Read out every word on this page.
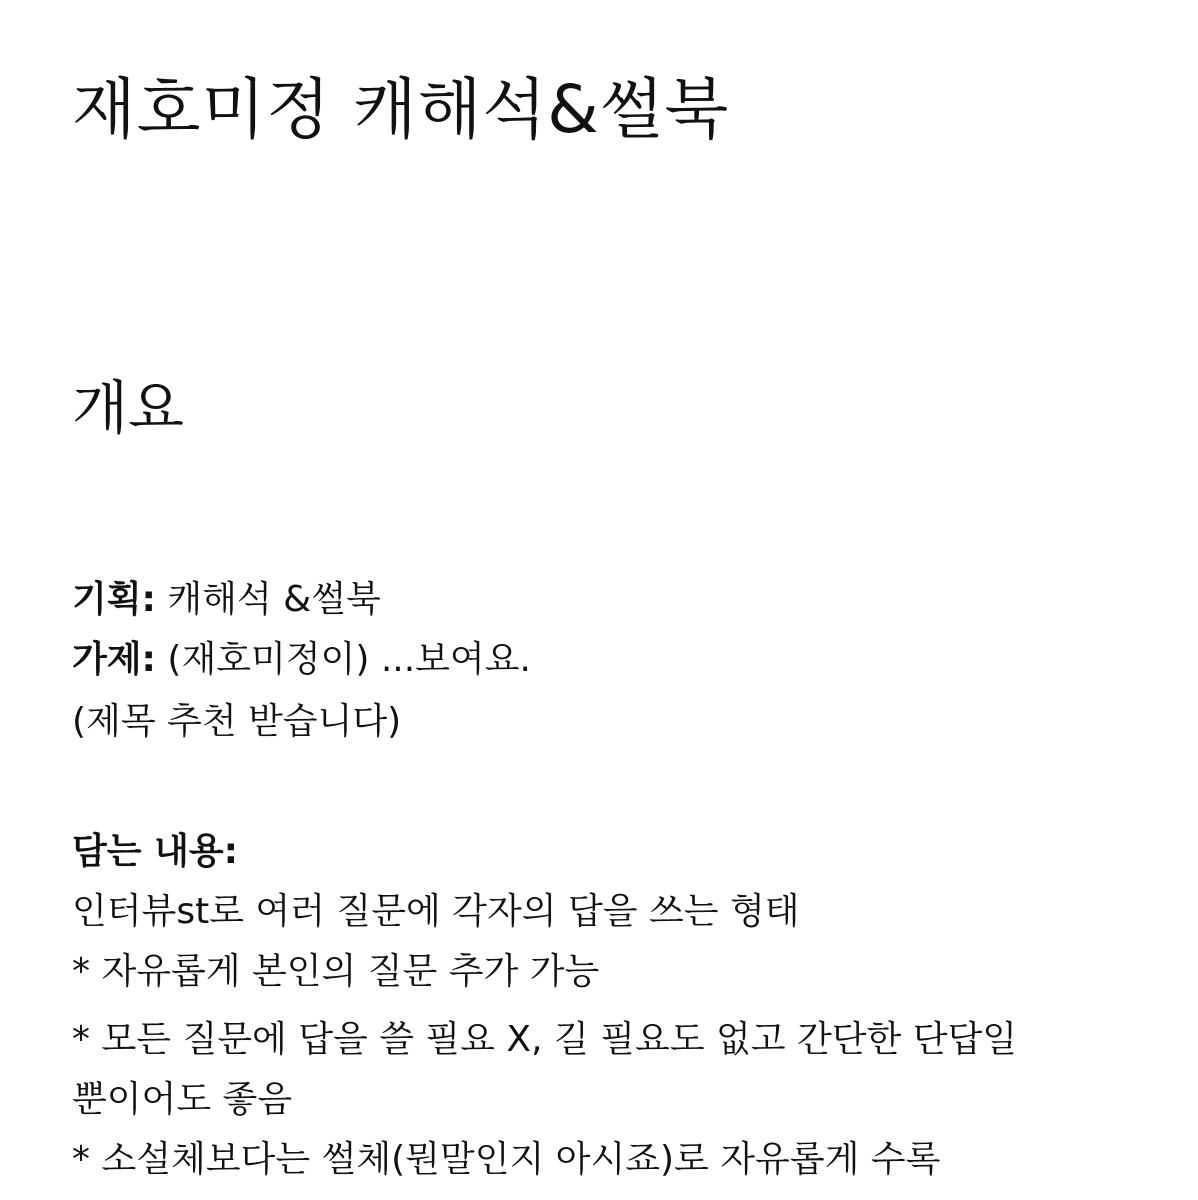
재호미정 캐해석&썰북
개요
기획: 캐해석 &썰북
가제: (재호미정이) ...보여요.
(제목 추천 받습니다)
담는 내용:
인터뷰st로 여러 질문에 각자의 답을 쓰는 형태
* 자유롭게 본인의 질문 추가 가능
* 모든 질문에 답을 쓸 필요 X, 길 필요도 없고 간단한 단답일
뿐이어도 좋음
* 소설체보다는 썰체(뭔말인지 아시죠)로 자유롭게 수록
